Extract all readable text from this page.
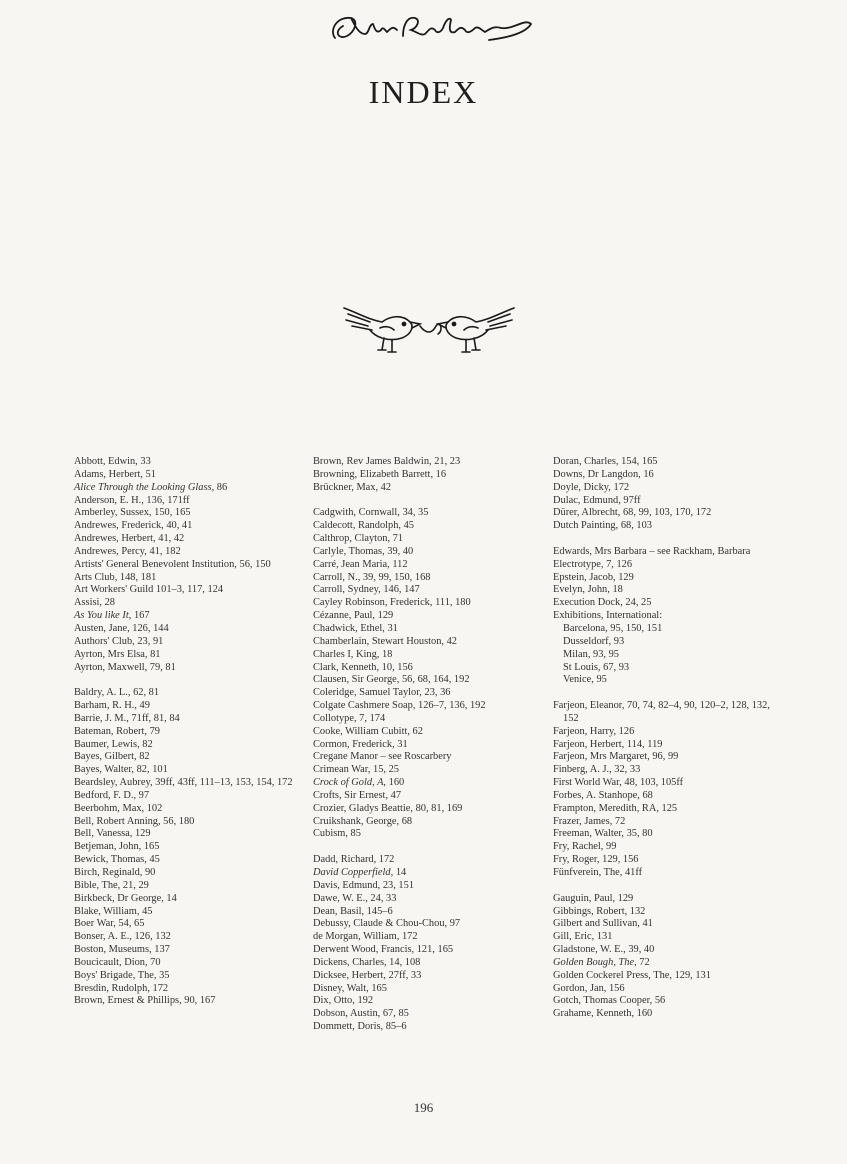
INDEX
Abbott, Edwin, 33
Adams, Herbert, 51
Alice Through the Looking Glass, 86
Anderson, E. H., 136, 171ff
Amberley, Sussex, 150, 165
Andrewes, Frederick, 40, 41
Andrewes, Herbert, 41, 42
Andrewes, Percy, 41, 182
Artists' General Benevolent Institution, 56, 150
Arts Club, 148, 181
Art Workers' Guild 101–3, 117, 124
Assisi, 28
As You like It, 167
Austen, Jane, 126, 144
Authors' Club, 23, 91
Ayrton, Mrs Elsa, 81
Ayrton, Maxwell, 79, 81
Baldry, A. L., 62, 81
Barham, R. H., 49
Barrie, J. M., 71ff, 81, 84
Bateman, Robert, 79
Baumer, Lewis, 82
Bayes, Gilbert, 82
Bayes, Walter, 82, 101
Beardsley, Aubrey, 39ff, 43ff, 111–13, 153, 154, 172
Bedford, F. D., 97
Beerbohm, Max, 102
Bell, Robert Anning, 56, 180
Bell, Vanessa, 129
Betjeman, John, 165
Bewick, Thomas, 45
Birch, Reginald, 90
Bible, The, 21, 29
Birkbeck, Dr George, 14
Blake, William, 45
Boer War, 54, 65
Bonser, A. E., 126, 132
Boston, Museums, 137
Boucicault, Dion, 70
Boys' Brigade, The, 35
Bresdin, Rudolph, 172
Brown, Ernest & Phillips, 90, 167
Brown, Rev James Baldwin, 21, 23
Browning, Elizabeth Barrett, 16
Brückner, Max, 42
Cadgwith, Cornwall, 34, 35
Caldecott, Randolph, 45
Calthrop, Clayton, 71
Carlyle, Thomas, 39, 40
Carré, Jean Maria, 112
Carroll, N., 39, 99, 150, 168
Carroll, Sydney, 146, 147
Cayley Robinson, Frederick, 111, 180
Cézanne, Paul, 129
Chadwick, Ethel, 31
Chamberlain, Stewart Houston, 42
Charles I, King, 18
Clark, Kenneth, 10, 156
Clausen, Sir George, 56, 68, 164, 192
Coleridge, Samuel Taylor, 23, 36
Colgate Cashmere Soap, 126–7, 136, 192
Collotype, 7, 174
Cooke, William Cubitt, 62
Cormon, Frederick, 31
Cregane Manor – see Roscarbery
Crimean War, 15, 25
Crock of Gold, A, 160
Crofts, Sir Ernest, 47
Crozier, Gladys Beattie, 80, 81, 169
Cruikshank, George, 68
Cubism, 85
Dadd, Richard, 172
David Copperfield, 14
Davis, Edmund, 23, 151
Dawe, W. E., 24, 33
Dean, Basil, 145–6
Debussy, Claude & Chou-Chou, 97
de Morgan, William, 172
Derwent Wood, Francis, 121, 165
Dickens, Charles, 14, 108
Dicksee, Herbert, 27ff, 33
Disney, Walt, 165
Dix, Otto, 192
Dobson, Austin, 67, 85
Dommett, Doris, 85–6
Doran, Charles, 154, 165
Downs, Dr Langdon, 16
Doyle, Dicky, 172
Dulac, Edmund, 97ff
Dürer, Albrecht, 68, 99, 103, 170, 172
Dutch Painting, 68, 103
Edwards, Mrs Barbara – see Rackham, Barbara
Electrotype, 7, 126
Epstein, Jacob, 129
Evelyn, John, 18
Execution Dock, 24, 25
Exhibitions, International:
Barcelona, 95, 150, 151
Dusseldorf, 93
Milan, 93, 95
St Louis, 67, 93
Venice, 95
Farjeon, Eleanor, 70, 74, 82–4, 90, 120–2, 128, 132, 152
Farjeon, Harry, 126
Farjeon, Herbert, 114, 119
Farjeon, Mrs Margaret, 96, 99
Finberg, A. J., 32, 33
First World War, 48, 103, 105ff
Forbes, A. Stanhope, 68
Frampton, Meredith, RA, 125
Frazer, James, 72
Freeman, Walter, 35, 80
Fry, Rachel, 99
Fry, Roger, 129, 156
Fünfverein, The, 41ff
Gauguin, Paul, 129
Gibbings, Robert, 132
Gilbert and Sullivan, 41
Gill, Eric, 131
Gladstone, W. E., 39, 40
Golden Bough, The, 72
Golden Cockerel Press, The, 129, 131
Gordon, Jan, 156
Gotch, Thomas Cooper, 56
Grahame, Kenneth, 160
196
